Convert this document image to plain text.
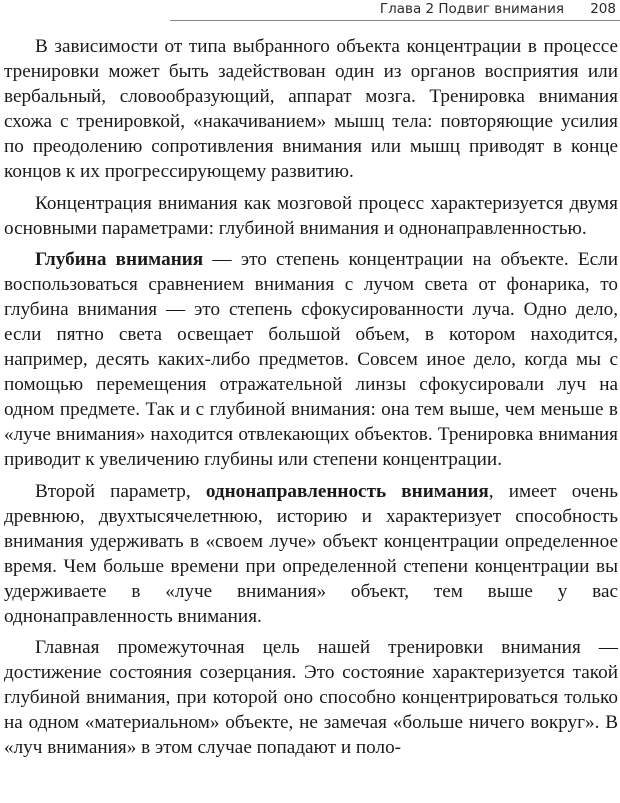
Глава 2 Подвиг внимания 208

В зависимости от типа выбранного объекта концентрации в процессе тренировки может быть задействован один из органов восприятия или вербальный, словообразующий, аппарат мозга. Тренировка внимания схожа с тренировкой, «накачиванием» мышц тела: повторяющие усилия по преодолению сопротивления внимания или мышц приводят в конце концов к их прогрессирующему развитию.

Концентрация внимания как мозговой процесс характеризуется двумя основными параметрами: глубиной внимания и однонаправленностью.

Глубина внимания — это степень концентрации на объекте. Если воспользоваться сравнением внимания с лучом света от фонарика, то глубина внимания — это степень сфокусированности луча. Одно дело, если пятно света освещает большой объем, в котором находится, например, десять каких-либо предметов. Совсем иное дело, когда мы с помощью перемещения отражательной линзы сфокусировали луч на одном предмете. Так и с глубиной внимания: она тем выше, чем меньше в «луче внимания» находится отвлекающих объектов. Тренировка внимания приводит к увеличению глубины или степени концентрации.

Второй параметр, однонаправленность внимания, имеет очень древнюю, двухтысячелетнюю, историю и характеризует способность внимания удерживать в «своем луче» объект концентрации определенное время. Чем больше времени при определенной степени концентрации вы удерживаете в «луче внимания» объект, тем выше у вас однонаправленность внимания.

Главная промежуточная цель нашей тренировки внимания — достижение состояния созерцания. Это состояние характеризуется такой глубиной внимания, при которой оно способно концентрироваться только на одном «материальном» объекте, не замечая «больше ничего вокруг». В «луч внимания» в этом случае попадают и поло-
